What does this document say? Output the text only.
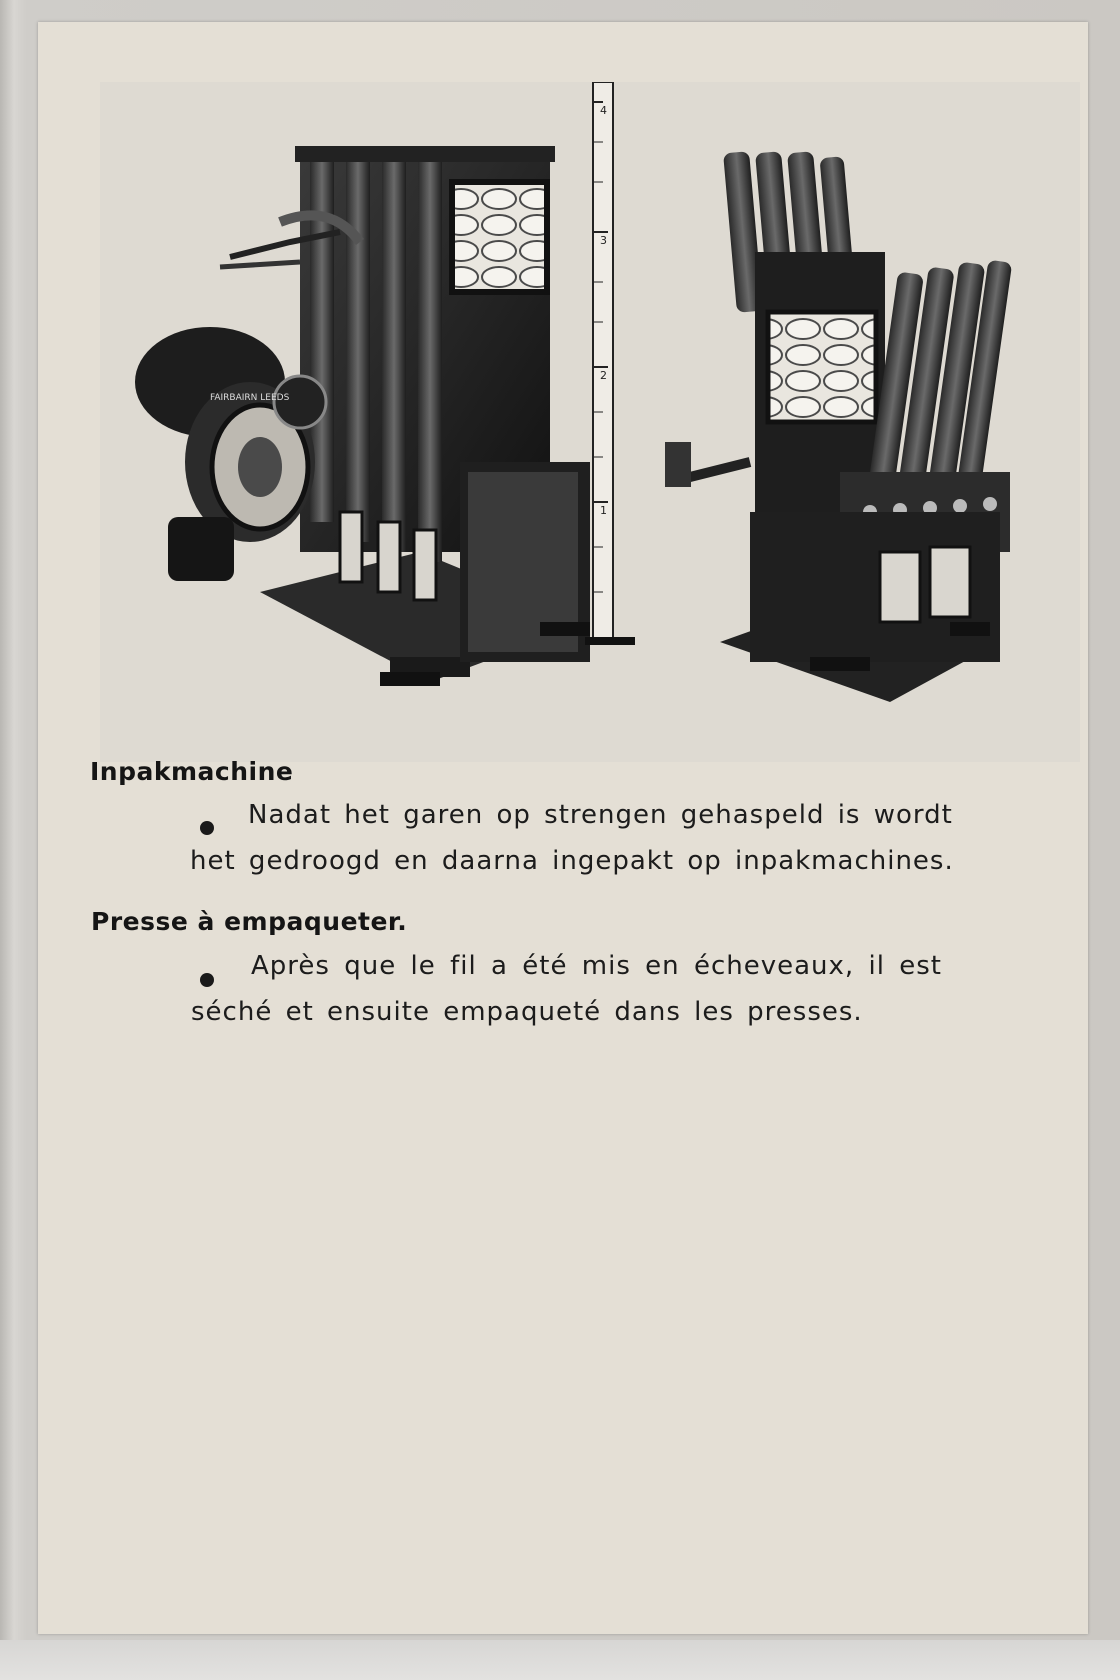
FAIRBAIRN LEEDS
4
3
2
1
Inpakmachine
Nadat het garen op strengen gehaspeld is wordt
het gedroogd en daarna ingepakt op inpakmachines.
Presse à empaqueter.
Après que le fil a été mis en écheveaux, il est
séché et ensuite empaqueté dans les presses.
